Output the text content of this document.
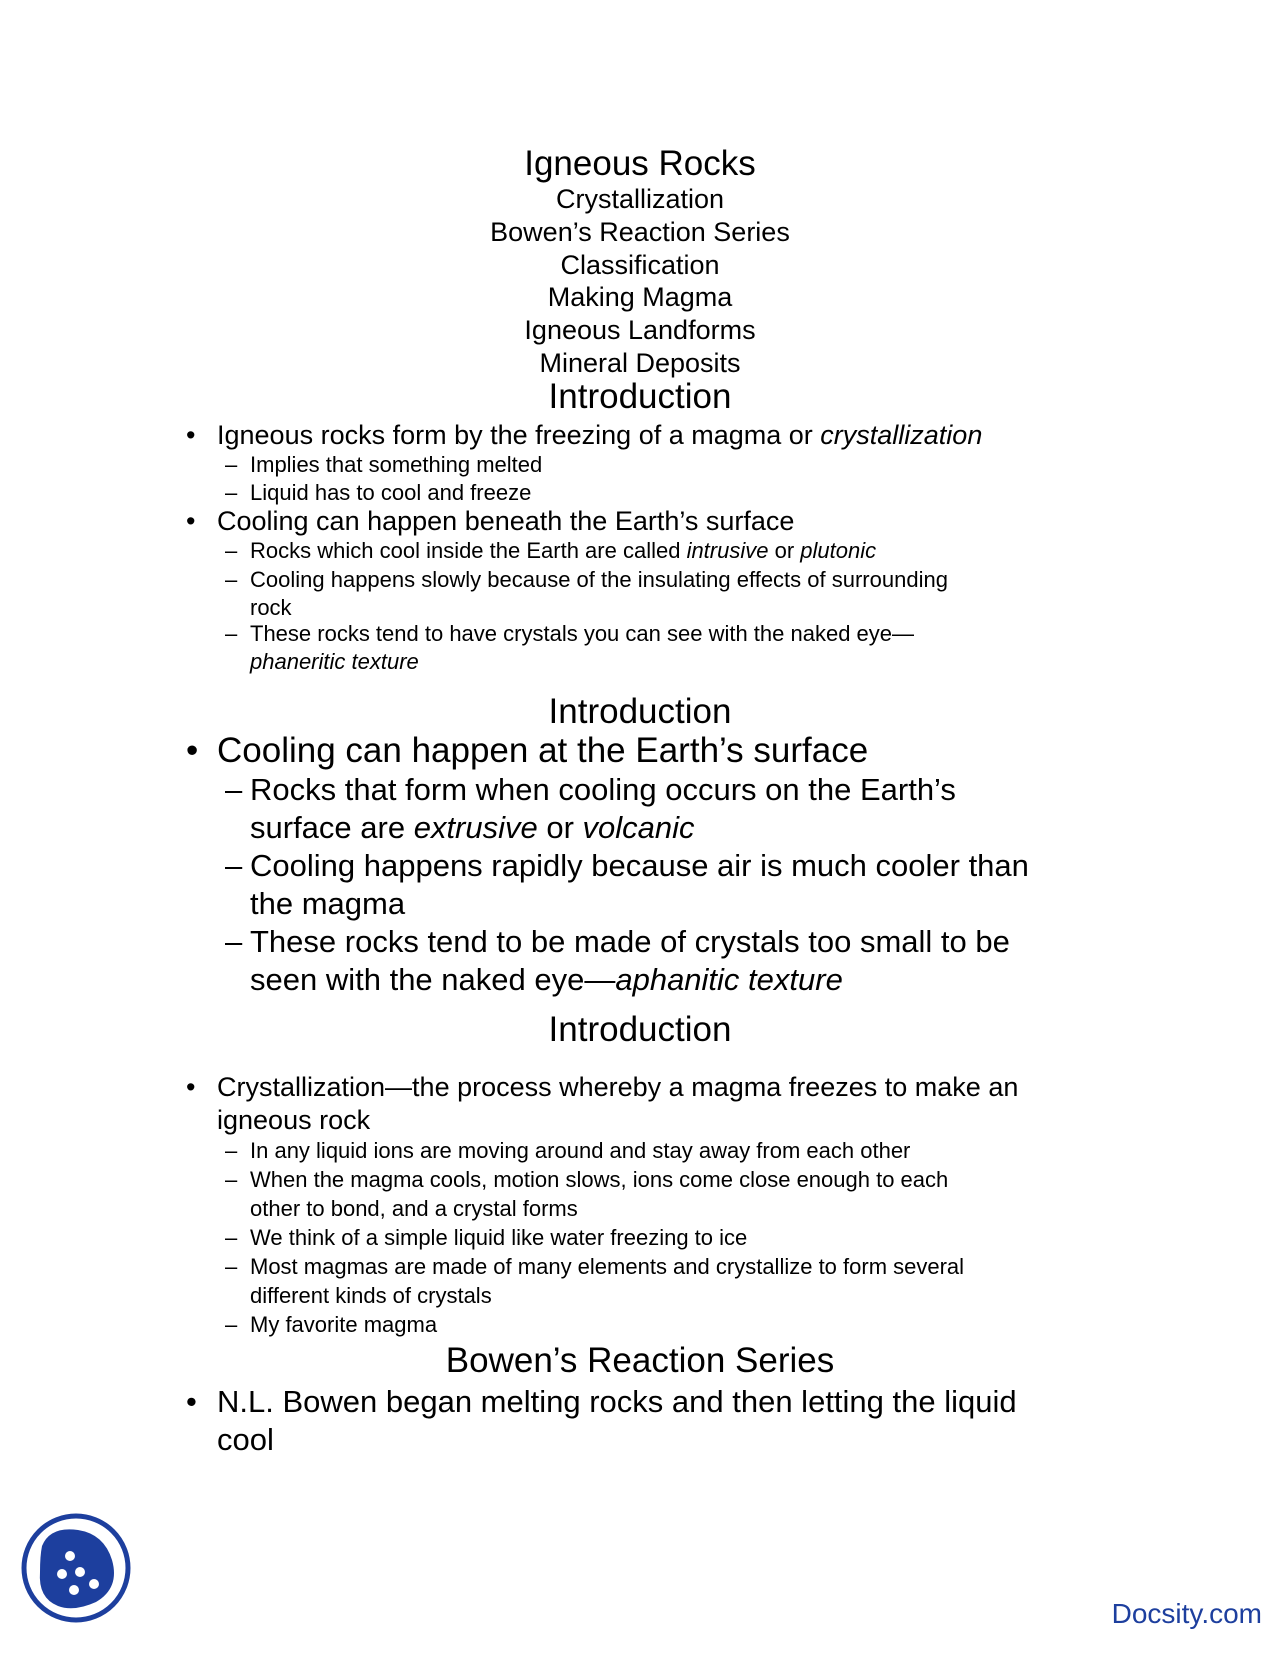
Igneous Rocks
Crystallization
Bowen’s Reaction Series
Classification
Making Magma
Igneous Landforms
Mineral Deposits
Introduction
• Igneous rocks form by the freezing of a magma or crystallization
– Implies that something melted
– Liquid has to cool and freeze
• Cooling can happen beneath the Earth’s surface
– Rocks which cool inside the Earth are called intrusive or plutonic
– Cooling happens slowly because of the insulating effects of surrounding
rock
– These rocks tend to have crystals you can see with the naked eye—
phaneritic texture
Introduction
• Cooling can happen at the Earth’s surface
– Rocks that form when cooling occurs on the Earth’s
surface are extrusive or volcanic
– Cooling happens rapidly because air is much cooler than
the magma
– These rocks tend to be made of crystals too small to be
seen with the naked eye—aphanitic texture
Introduction
• Crystallization—the process whereby a magma freezes to make an
igneous rock
– In any liquid ions are moving around and stay away from each other
– When the magma cools, motion slows, ions come close enough to each
other to bond, and a crystal forms
– We think of a simple liquid like water freezing to ice
– Most magmas are made of many elements and crystallize to form several
different kinds of crystals
– My favorite magma
Bowen’s Reaction Series
• N.L. Bowen began melting rocks and then letting the liquid
cool
Docsity.com
